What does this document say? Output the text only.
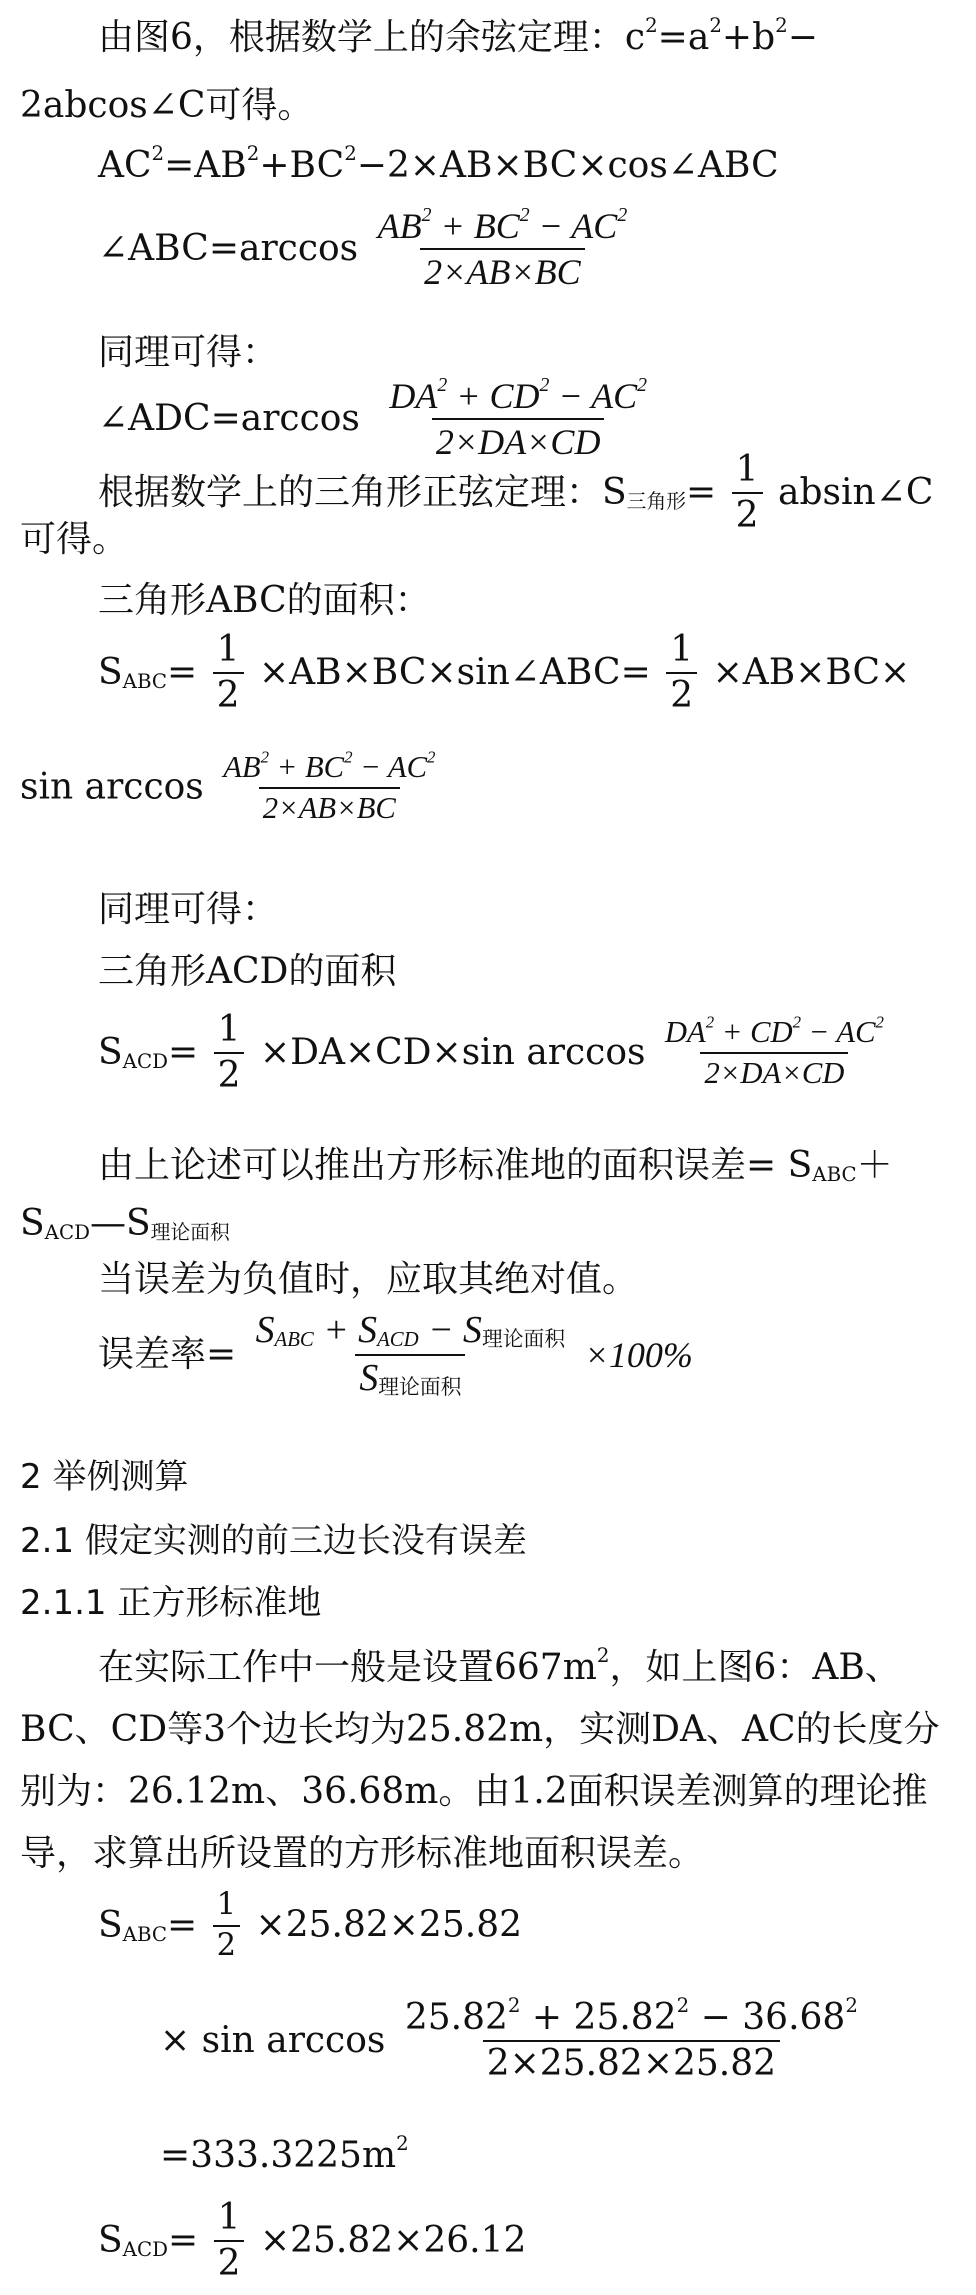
由图6，根据数学上的余弦定理：$c^2=a^2+b^2-$
2abcos∠C可得。
$AC^2=AB^2+BC^2-2\times AB\times BC\times\cos\angle ABC$
∠ABC=arccos $\frac{AB^2 + BC^2 - AC^2}{2\times AB\times BC}$
同理可得：
∠ADC=arccos $\frac{DA^2 + CD^2 - AC^2}{2\times DA\times CD}$
根据数学上的三角形正弦定理：$S_{三角形}= \frac{1}{2}$ absin∠C
可得。
三角形ABC的面积：
$S_{ABC}= \frac{1}{2}$ ×AB×BC×sin∠ABC= $\frac{1}{2} \times AB\times BC\times$
$\sin \arccos \frac{AB^2 + BC^2 - AC^2}{2\times AB\times BC}$
同理可得：
三角形ACD的面积
$S_{ACD}= \frac{1}{2} \times DA\times CD\times\sin$ $\arccos \frac{DA^2 + CD^2 - AC^2}{2\times DA\times CD}$
由上论述可以推出方形标准地的面积误差= $S_{ABC}+$
$S_{ACD}—S_{理论面积}$
当误差为负值时，应取其绝对值。
误差率= $\frac{S_{ABC} + S_{ACD} - S_{理论面积}}{S_{理论面积}} \times 100\%$
2 举例测算
2.1 假定实测的前三边长没有误差
2.1.1 正方形标准地
在实际工作中一般是设置$667m^2$，如上图6：AB、
BC、CD等3个边长均为25.82m，实测DA、AC的长度分
别为：26.12m、36.68m。由1.2面积误差测算的理论推
导，求算出所设置的方形标准地面积误差。
$S_{ABC}= \frac{1}{2} \times 25.82\times 25.82$
× $\sin \arccos \frac{25.82^2 + 25.82^2 - 36.68^2}{2\times 25.82\times 25.82}$
$=333.3225m^2$
$S_{ACD}= \frac{1}{2} \times 25.82\times 26.12$
